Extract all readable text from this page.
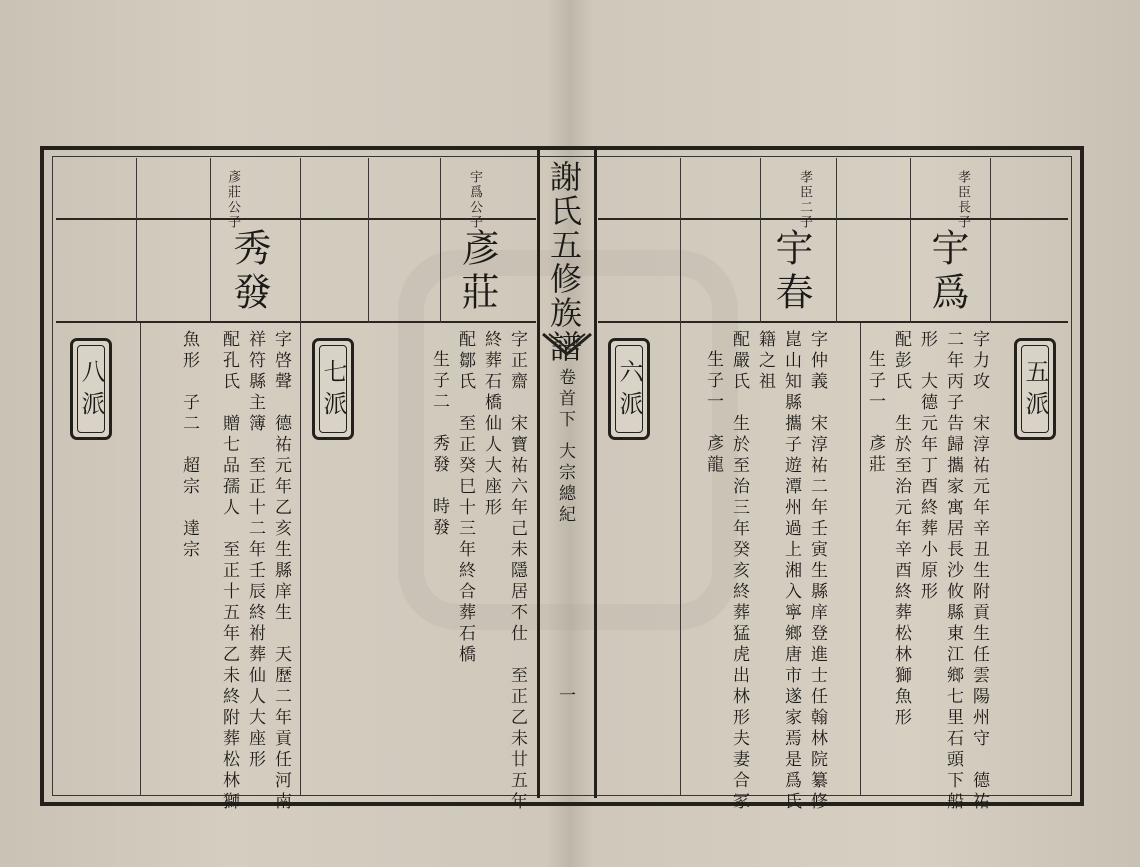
謝氏五修族譜
卷首下
大宗總紀
一
孝臣長子
宇爲
孝臣二子
宇春
宇爲公子
彥莊
彥莊公子
秀發
五派
六派
七派
八派	字力攻　宋淳祐元年辛丑生附貢生任雲陽州守　德祐
二年丙子告歸攜家寓居長沙攸縣東江鄉七里石頭下船
形　大德元年丁酉終葬小原形
配彭氏　生於至治元年辛酉終葬松林獅魚形
生子一　彥莊
字仲義　宋淳祐二年壬寅生縣庠登進士任翰林院纂修
崑山知縣攜子遊潭州過上湘入寧鄉唐市遂家焉是爲氏
籍之祖
配嚴氏　生於至治三年癸亥終葬猛虎出林形夫妻合冢
生子一　彥龍
字正齋　宋寶祐六年己未隱居不仕　至正乙未廿五年
終葬石橋仙人大座形
配鄒氏　至正癸巳十三年終合葬石橋
生子二　秀發　時發
字啓聲　德祐元年乙亥生縣庠生　天歷二年貢任河南
祥符縣主簿　至正十二年壬辰終祔葬仙人大座形
配孔氏　贈七品孺人　至正十五年乙未終附葬松林獅
魚形　子二　超宗　達宗
